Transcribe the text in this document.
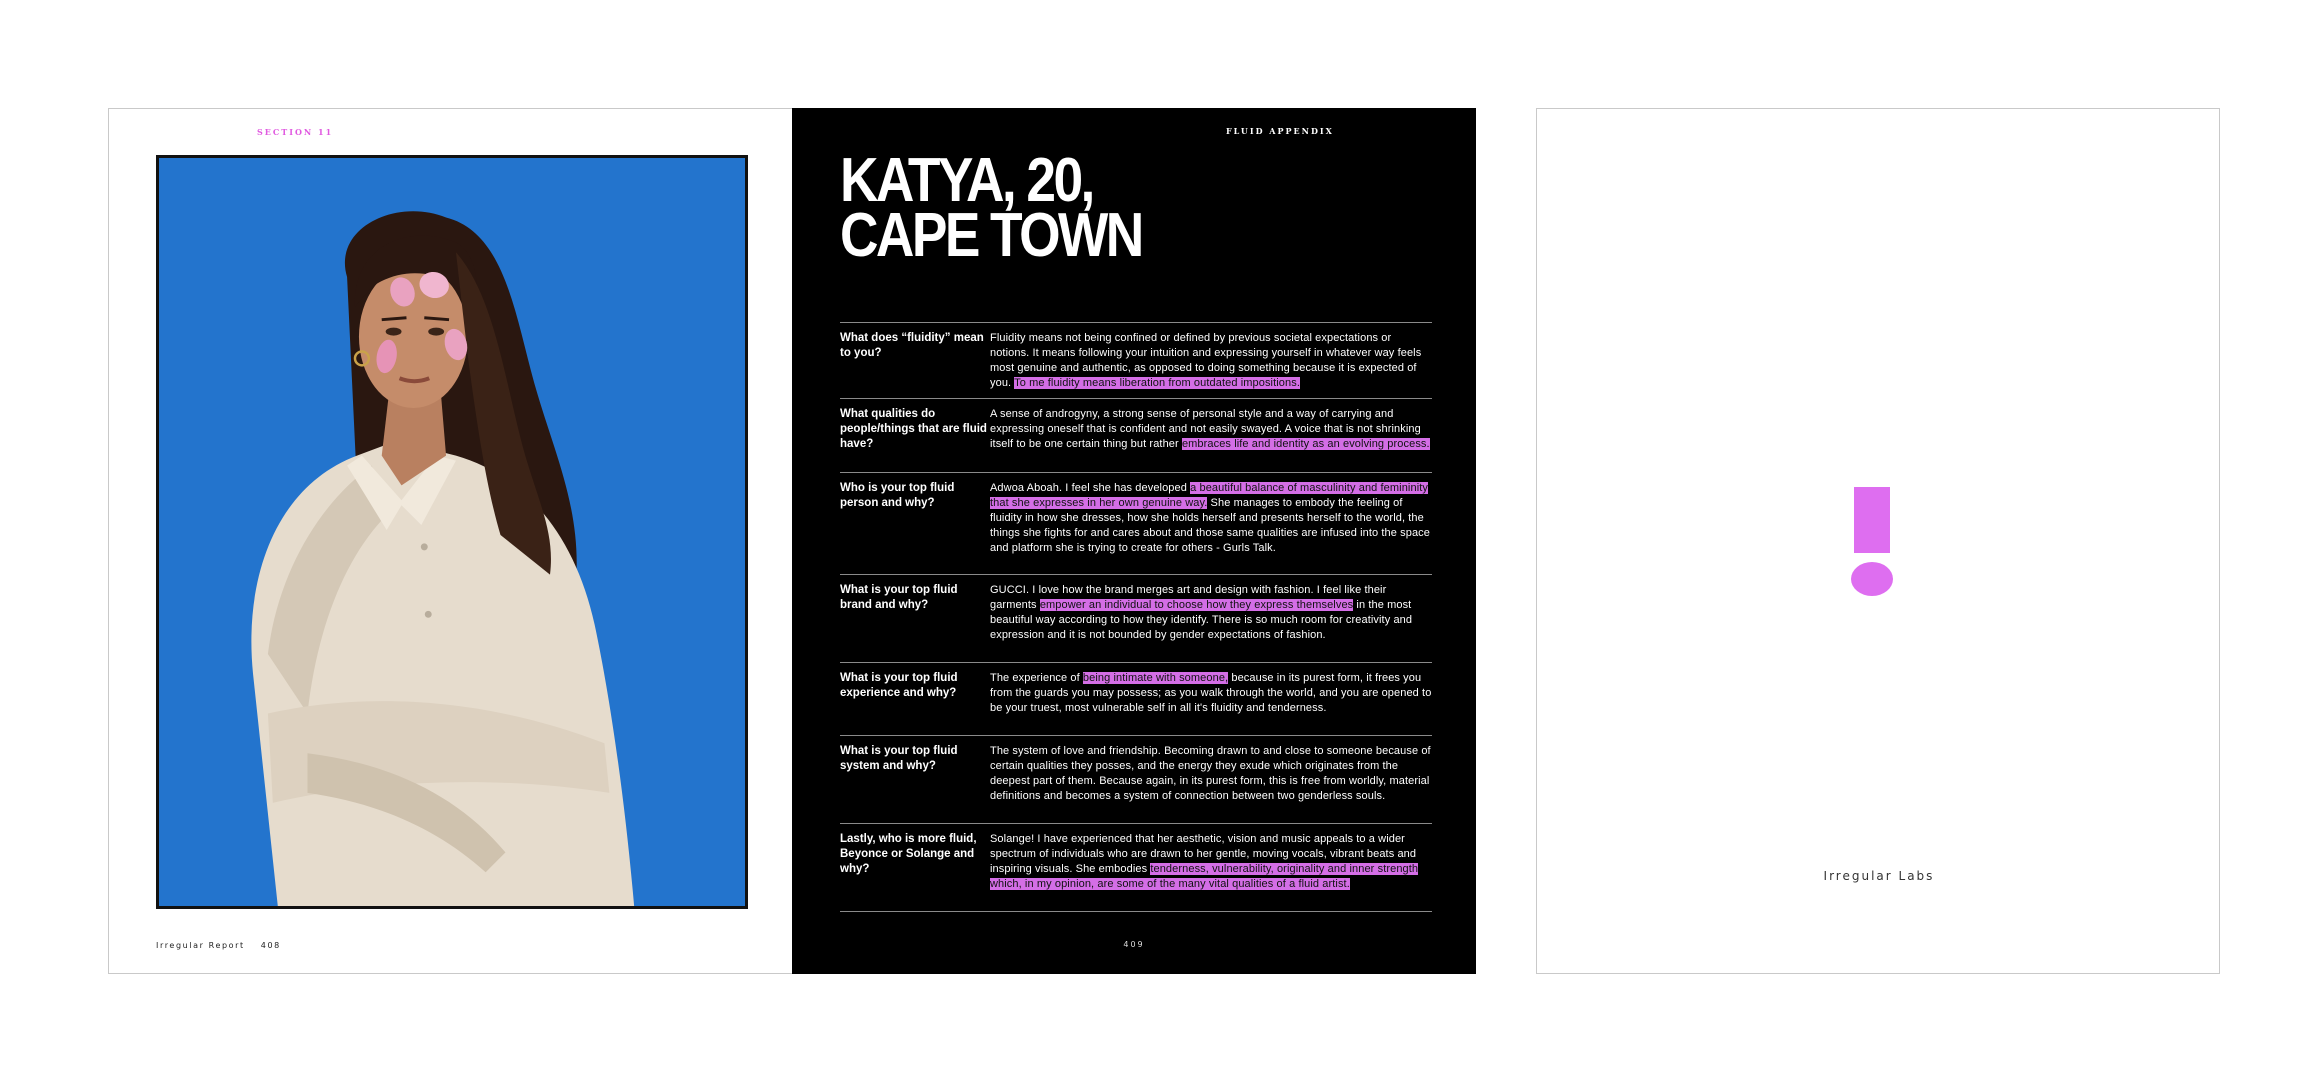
SECTION 11
Irregular Report 408
FLUID APPENDIX
KATYA, 20,
CAPE TOWN
What does “fluidity” mean to you?
Fluidity means not being confined or defined by previous societal expectations or notions. It means following your intuition and expressing yourself in whatever way feels most genuine and authentic, as opposed to doing something because it is expected of you. To me fluidity means liberation from outdated impositions.
What qualities do people/things that are fluid have?
A sense of androgyny, a strong sense of personal style and a way of carrying and expressing oneself that is confident and not easily swayed. A voice that is not shrinking itself to be one certain thing but rather embraces life and identity as an evolving process.
Who is your top fluid person and why?
Adwoa Aboah. I feel she has developed a beautiful balance of masculinity and femininity that she expresses in her own genuine way. She manages to embody the feeling of fluidity in how she dresses, how she holds herself and presents herself to the world, the things she fights for and cares about and those same qualities are infused into the space and platform she is trying to create for others - Gurls Talk.
What is your top fluid brand and why?
GUCCI. I love how the brand merges art and design with fashion. I feel like their garments empower an individual to choose how they express themselves in the most beautiful way according to how they identify. There is so much room for creativity and expression and it is not bounded by gender expectations of fashion.
What is your top fluid experience and why?
The experience of being intimate with someone, because in its purest form, it frees you from the guards you may possess; as you walk through the world, and you are opened to be your truest, most vulnerable self in all it's fluidity and tenderness.
What is your top fluid system and why?
The system of love and friendship. Becoming drawn to and close to someone because of certain qualities they posses, and the energy they exude which originates from the deepest part of them. Because again, in its purest form, this is free from worldly, material definitions and becomes a system of connection between two genderless souls.
Lastly, who is more fluid, Beyonce or Solange and why?
Solange! I have experienced that her aesthetic, vision and music appeals to a wider spectrum of individuals who are drawn to her gentle, moving vocals, vibrant beats and inspiring visuals. She embodies tenderness, vulnerability, originality and inner strength which, in my opinion, are some of the many vital qualities of a fluid artist.
409
Irregular Labs
